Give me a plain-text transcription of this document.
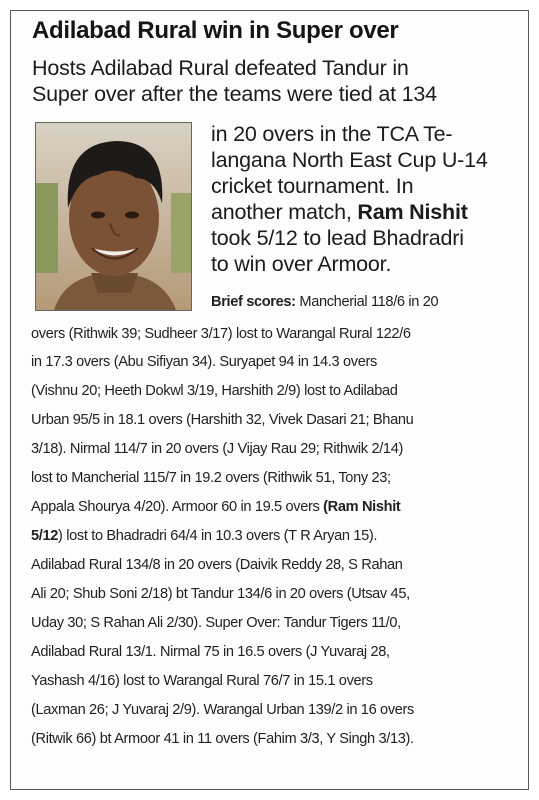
Adilabad Rural win in Super over
Hosts Adilabad Rural defeated Tandur in
Super over after the teams were tied at 134
in 20 overs in the TCA Te-
langana North East Cup U-14
cricket tournament. In
another match, Ram Nishit
took 5/12 to lead Bhadradri
to win over Armoor.
Brief scores: Mancherial 118/6 in 20
overs (Rithwik 39; Sudheer 3/17) lost to Warangal Rural 122/6
in 17.3 overs (Abu Sifiyan 34). Suryapet 94 in 14.3 overs
(Vishnu 20; Heeth Dokwl 3/19, Harshith 2/9) lost to Adilabad
Urban 95/5 in 18.1 overs (Harshith 32, Vivek Dasari 21; Bhanu
3/18). Nirmal 114/7 in 20 overs (J Vijay Rau 29; Rithwik 2/14)
lost to Mancherial 115/7 in 19.2 overs (Rithwik 51, Tony 23;
Appala Shourya 4/20). Armoor 60 in 19.5 overs (Ram Nishit
5/12) lost to Bhadradri 64/4 in 10.3 overs (T R Aryan 15).
Adilabad Rural 134/8 in 20 overs (Daivik Reddy 28, S Rahan
Ali 20; Shub Soni 2/18) bt Tandur 134/6 in 20 overs (Utsav 45,
Uday 30; S Rahan Ali 2/30). Super Over: Tandur Tigers 11/0,
Adilabad Rural 13/1. Nirmal 75 in 16.5 overs (J Yuvaraj 28,
Yashash 4/16) lost to Warangal Rural 76/7 in 15.1 overs
(Laxman 26; J Yuvaraj 2/9). Warangal Urban 139/2 in 16 overs
(Ritwik 66) bt Armoor 41 in 11 overs (Fahim 3/3, Y Singh 3/13).
